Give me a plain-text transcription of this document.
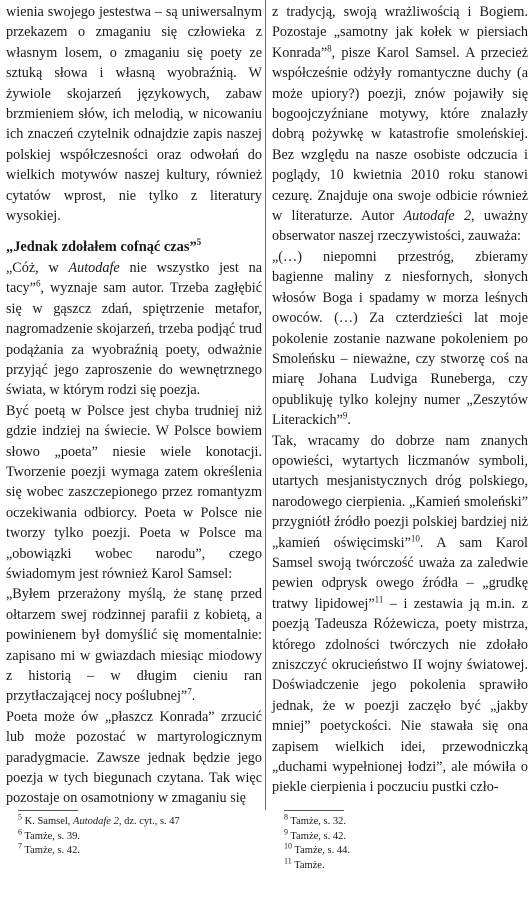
wienia swojego jestestwa – są uniwersalnym przekazem o zmaganiu się człowieka z własnym losem, o zmaganiu się poety ze sztuką słowa i własną wyobraźnią. W żywiole skojarzeń językowych, zabaw brzmieniem słów, ich melodią, w nicowaniu ich znaczeń czytelnik odnajdzie zapis naszej polskiej współczesności oraz odwołań do wielkich motywów naszej kultury, również cytatów wprost, nie tylko z literatury wysokiej.

„Jednak zdołałem cofnąć czas”$^5$

„Cóż, w Autodafe nie wszystko jest na tacy”$^6$, wyznaje sam autor. Trzeba zagłębić się w gąszcz zdań, spiętrzenie metafor, nagromadzenie skojarzeń, trzeba podjąć trud podążania za wyobraźnią poety, odważnie przyjąć jego zaproszenie do wewnętrznego świata, w którym rodzi się poezja.

Być poetą w Polsce jest chyba trudniej niż gdzie indziej na świecie. W Polsce bowiem słowo „poeta” niesie wiele konotacji. Tworzenie poezji wymaga zatem określenia się wobec zaszczepionego przez romantyzm oczekiwania odbiorcy. Poeta w Polsce nie tworzy tylko poezji. Poeta w Polsce ma „obowiązki wobec narodu”, czego świadomym jest również Karol Samsel:

„Byłem przerażony myślą, że stanę przed ołtarzem swej rodzinnej parafii z kobietą, a powinienem był domyślić się momentalnie: zapisano mi w gwiazdach miesiąc miodowy z historią – w długim cieniu ran przytłaczającej nocy poślubnej”$^7$.

Poeta może ów „płaszcz Konrada” zrzucić lub może pozostać w martyrologicznym paradygmacie. Zawsze jednak będzie jego poezja w tych biegunach czytana. Tak więc pozostaje on osamotniony w zmaganiu się

z tradycją, swoją wrażliwością i Bogiem. Pozostaje „samotny jak kołek w piersiach Konrada”$^8$, pisze Karol Samsel. A przecież współcześnie odżyły romantyczne duchy (a może upiory?) poezji, znów pojawiły się bogoojczyźniane motywy, które znalazły dobrą pożywkę w katastrofie smoleńskiej. Bez względu na nasze osobiste odczucia i poglądy, 10 kwietnia 2010 roku stanowi cezurę. Znajduje ona swoje odbicie również w literaturze. Autor Autodafe 2, uważny obserwator naszej rzeczywistości, zauważa:

„(…) niepomni przestróg, zbieramy bagienne maliny z niesfornych, słonych włosów Boga i spadamy w morza leśnych owoców. (…) Za czterdzieści lat moje pokolenie zostanie nazwane pokoleniem po Smoleńsku – nieważne, czy stworzę coś na miarę Johana Ludviga Runeberga, czy opublikuję tylko kolejny numer „Zeszytów Literackich”$^9$.

Tak, wracamy do dobrze nam znanych opowieści, wytartych liczmanów symboli, utartych mesjanistycznych dróg polskiego, narodowego cierpienia. „Kamień smoleński” przygniótł źródło poezji polskiej bardziej niż „kamień oświęcimski”$^{10}$. A sam Karol Samsel swoją twórczość uważa za zaledwie pewien odprysk owego źródła – „grudkę tratwy lipidowej”$^{11}$ – i zestawia ją m.in. z poezją Tadeusza Różewicza, poety mistrza, którego zdolności twórczych nie zdołało zniszczyć okrucieństwo II wojny światowej. Doświadczenie jego pokolenia sprawiło jednak, że w poezji zaczęło być „jakby mniej” poetyckości. Nie stawała się ona zapisem wielkich idei, przewodniczką „duchami wypełnionej łodzi”, ale mówiła o piekle cierpienia i poczuciu pustki czło-

$^5$ K. Samsel, Autodafe 2, dz. cyt., s. 47

$^6$ Tamże, s. 39.

$^7$ Tamże, s. 42.

$^8$ Tamże, s. 32.

$^9$ Tamże, s. 42.

$^{10}$ Tamże, s. 44.

$^{11}$ Tamże.
